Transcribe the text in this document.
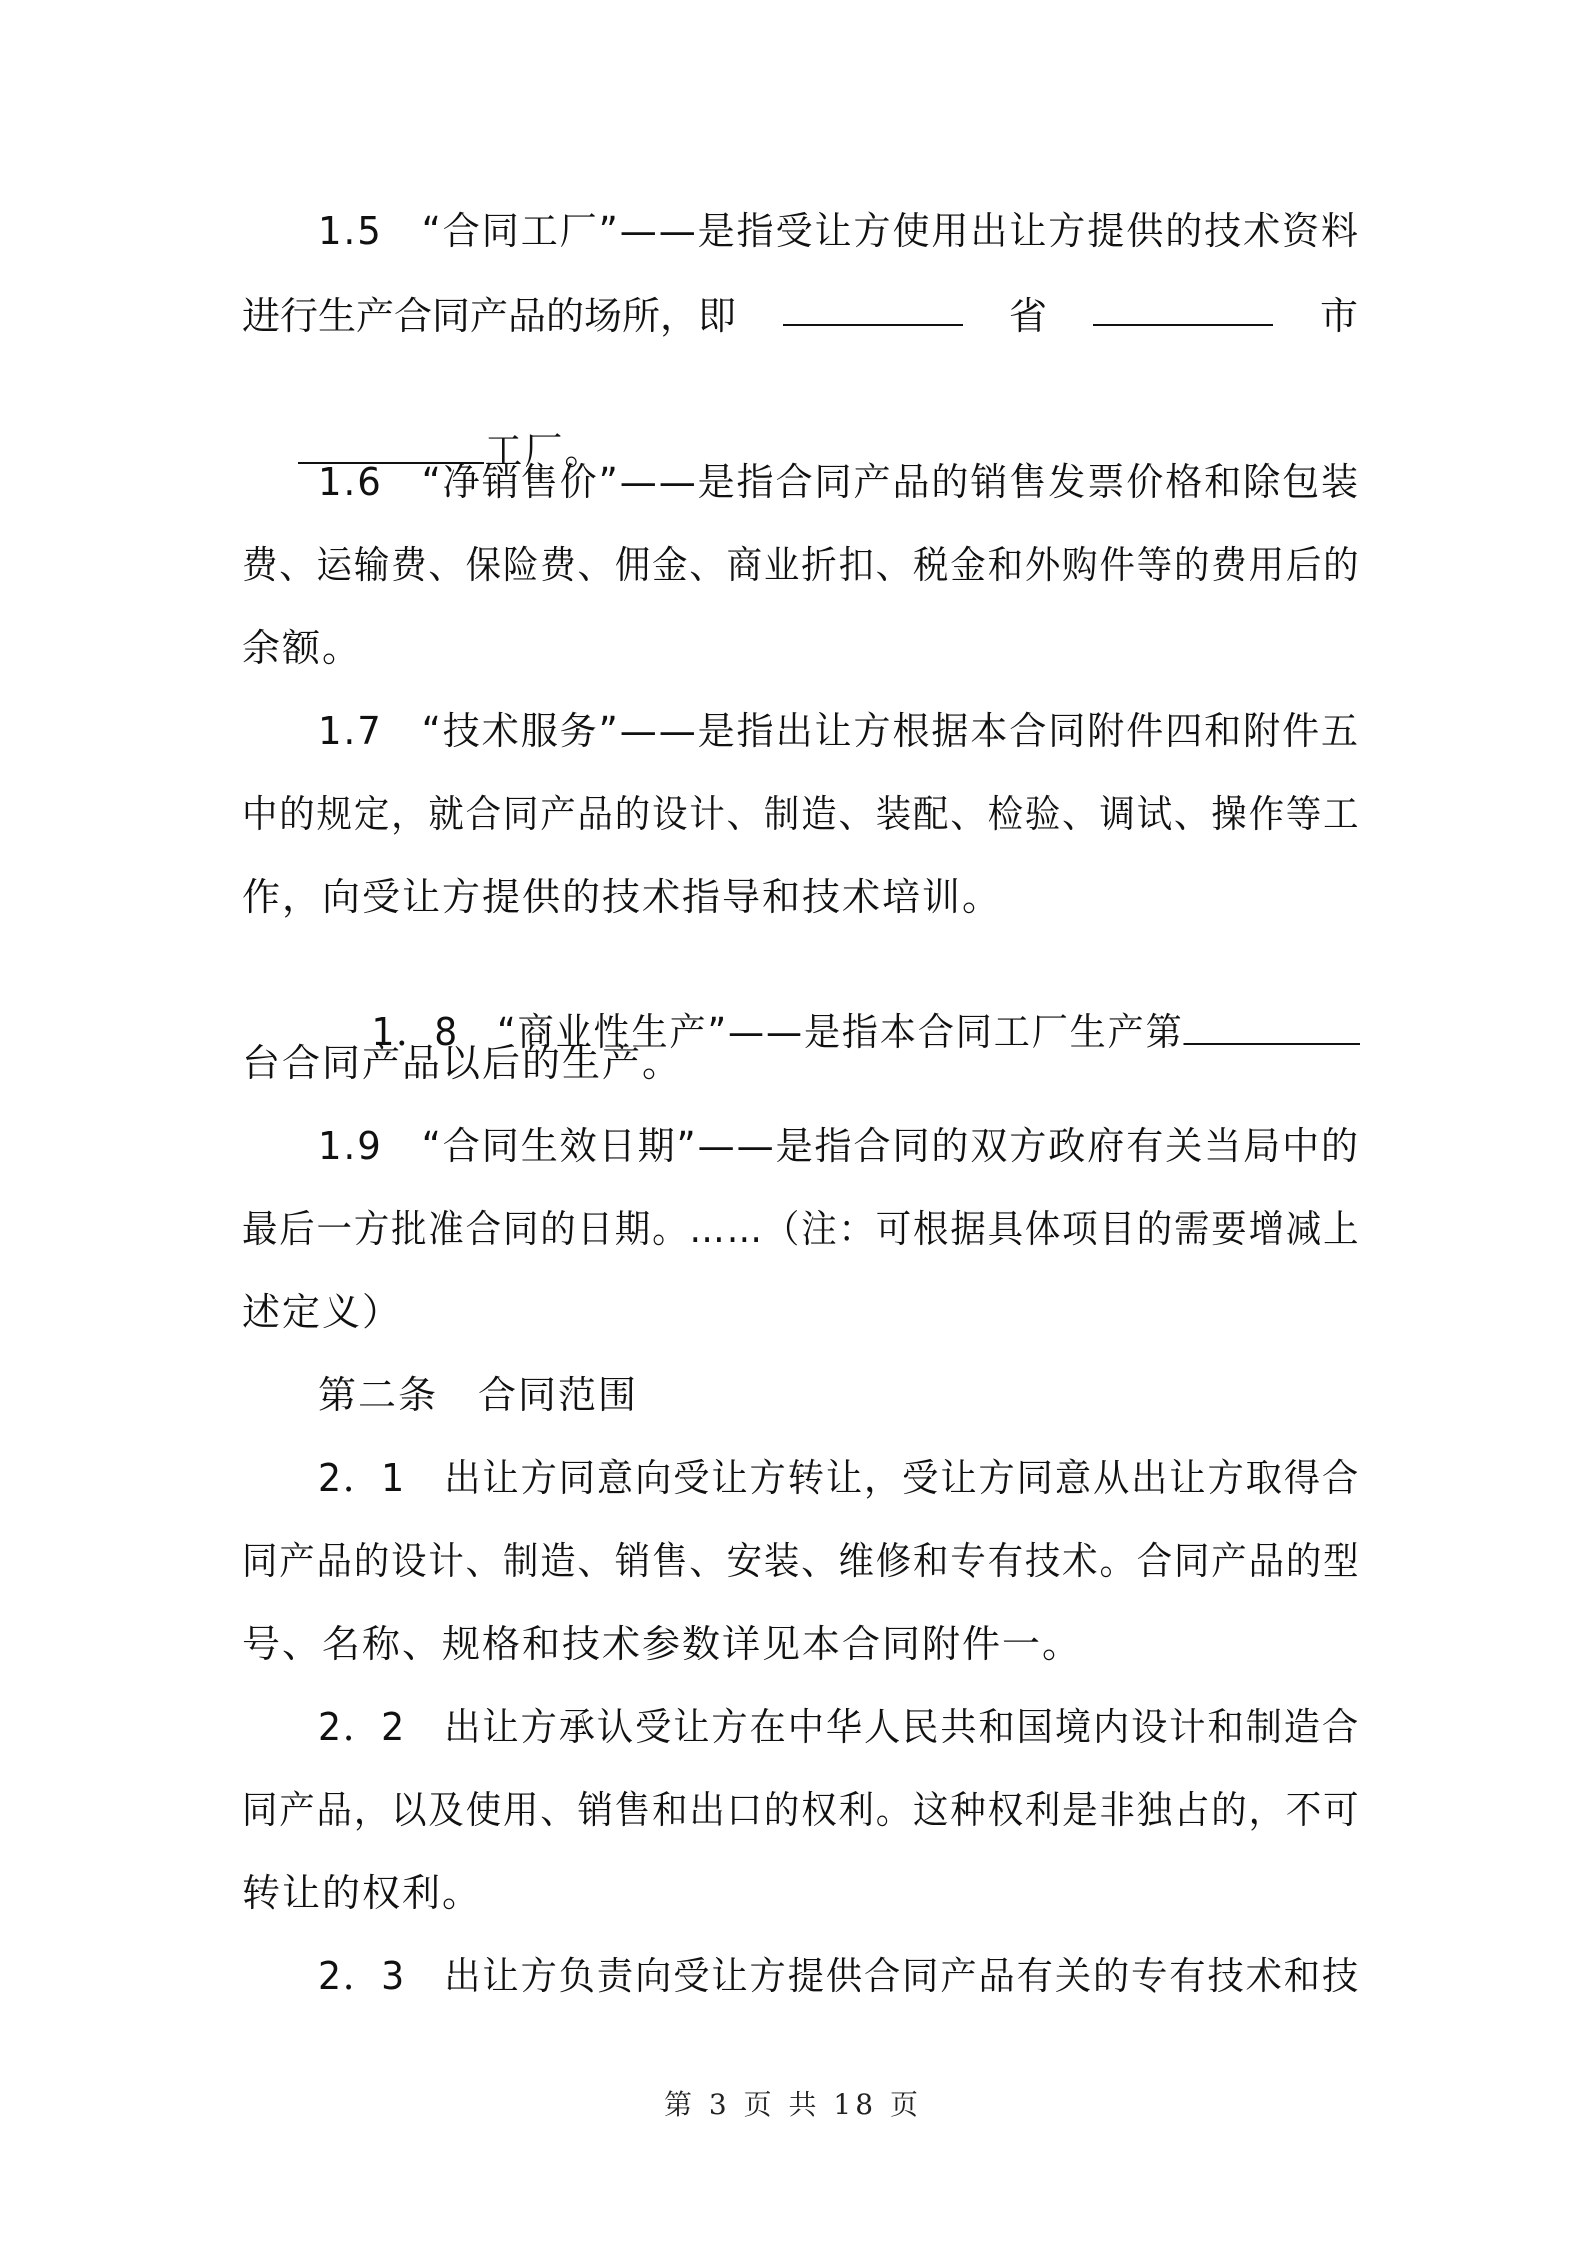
1.5　“合同工厂”——是指受让方使用出让方提供的技术资料
进行生产合同产品的场所，即	省	市

工厂。

1.6　“净销售价”——是指合同产品的销售发票价格和除包装
费、运输费、保险费、佣金、商业折扣、税金和外购件等的费用后的
余额。
1.7　“技术服务”——是指出让方根据本合同附件四和附件五
中的规定，就合同产品的设计、制造、装配、检验、调试、操作等工
作，向受让方提供的技术指导和技术培训。

1．8　“商业性生产”——是指本合同工厂生产第

台合同产品以后的生产。
1.9　“合同生效日期”——是指合同的双方政府有关当局中的
最后一方批准合同的日期。……（注：可根据具体项目的需要增减上
述定义）
第二条　合同范围
2．1　出让方同意向受让方转让，受让方同意从出让方取得合
同产品的设计、制造、销售、安装、维修和专有技术。合同产品的型
号、名称、规格和技术参数详见本合同附件一。
2．2　出让方承认受让方在中华人民共和国境内设计和制造合
同产品，以及使用、销售和出口的权利。这种权利是非独占的，不可
转让的权利。
2．3　出让方负责向受让方提供合同产品有关的专有技术和技
第 3 页 共 18 页
